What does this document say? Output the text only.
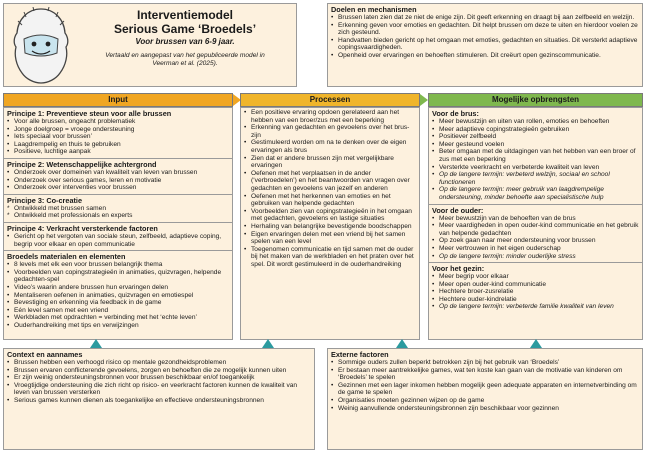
Interventiemodel
Serious Game ‘Broedels’
Voor brussen van 6-9 jaar.
Vertaald en aangepast van het gepubliceerde model in
Veerman et al. (2025).
Doelen en mechanismen
• Brussen laten zien dat ze niet de enige zijn. Dit geeft erkenning en draagt bij aan zelfbeeld en welzijn.
• Erkenning geven voor emoties en gedachten. Dit helpt brussen om deze te uiten en hierdoor voelen ze zich gesteund.
• Handvatten bieden gericht op het omgaan met emoties, gedachten en situaties. Dit versterkt adaptieve copingsvaardigheden.
• Openheid over ervaringen en behoeften stimuleren. Dit creëurt open gezinscommunicatie.
Input	Processen	Mogelijke opbrengsten
Principe 1: Preventieve steun voor alle brussen
• Voor alle brussen, ongeacht problematiek
• Jonge doelgroep = vroege ondersteuning
• Iets speciaal voor brussen’
• Laagdrempelig en thuis te gebruiken
• Positieve, luchtige aanpak
Principe 2: Wetenschappelijke achtergrond
• Onderzoek over domeinen van kwaliteit van leven van brussen
• Onderzoek over serious games, leren en motivatie
• Onderzoek over interventies voor brussen
Principe 3: Co-creatie
* Ontwikkeld met brussen samen
* Ontwikkeld met professionals en experts
Principe 4: Verkracht versterkende factoren
• Gericht op het vergoten van sociale steun, zelfbeeld, adaptieve coping, begrip voor elkaar en open communicatie
Broedels materialen en elementen
• 8 levels met elk een voor brussen belangrijk thema
• Voorbeelden van copingstrategieën in animaties, quizvragen, helpende gedachten-spel
• Video’s waarin andere brussen hun ervaringen delen
• Mentaliseren oefenen in animaties, quizvragen en emotiespel
• Bevestiging en erkenning via feedback in de game
• Eén level samen met een vriend
• Werkbladen met opdrachten = verbinding met het ‘echte leven’
• Ouderhandreiking met tips en verwijzingen
• Een positieve ervaring opdoen gerelateerd aan het hebben van een broer/zus met een beperking
• Erkenning van gedachten en gevoelens over het brus-zijn
• Gestimuleerd worden om na te denken over de eigen ervaringen als brus
• Zien dat er andere brussen zijn met vergelijkbare ervaringen
• Oefenen met het verplaatsen in de ander (‘verbroedelen’) en het beantwoorden van vragen over gedachten en gevoelens van jezelf en anderen
• Oefenen met het herkennen van emoties en het gebruiken van helpende gedachten
• Voorbeelden zien van copingstrategieën in het omgaan met gedachten, gevoelens en lastige situaties
• Herhaling van belangrijke bevestigende boodschappen
• Eigen ervaringen delen met een vriend bij het samen spelen van een level
• Toegenomen communicatie en tijd samen met de ouder bij het maken van de werkbladen en het praten over het spel. Dit wordt gestimuleerd in de ouderhandreiking
Voor de brus:
• Meer bewustzijn en uiten van rollen, emoties en behoeften
• Meer adaptieve copingstrategieën gebruiken
• Positiever zelfbeeld
• Meer gesteund voelen
• Beter omgaan met de uitdagingen van het hebben van een broer of zus met een beperking
• Versterkte veerkracht en verbeterde kwaliteit van leven
• Op de langere termijn: verbeterd welzijn, sociaal en school functioneren
• Op de langere termijn: meer gebruik van laagdrempelige ondersteuning, minder behoefte aan specialistische hulp
Voor de ouder:
• Meer bewustzijn van de behoeften van de brus
• Meer vaardigheden in open ouder-kind communicatie en het gebruik van helpende gedachten
• Op zoek gaan naar meer ondersteuning voor brussen
• Meer vertrouwen in het eigen ouderschap
• Op de langere termijn: minder ouderlijke stress
Voor het gezin:
• Meer begrip voor elkaar
• Meer open ouder-kind communicatie
• Hechtere broer-zusrelatie
• Hechtere ouder-kindrelatie
• Op de langere termijn: verbeterde familie kwaliteit van leven
Context en aannames
• Brussen hebben een verhoogd risico op mentale gezondheidsproblemen
• Brussen ervaren conflicterende gevoelens, zorgen en behoeften die ze mogelijk kunnen uiten
• Er zijn weinig ondersteuningsbronnen voor brussen beschikbaar en/of toegankelijk
• Vroegtijdige ondersteuning die zich richt op risico- en veerkracht factoren kunnen de kwaliteit van leven van brussen versterken
• Serious games kunnen dienen als toegankelijke en effectieve ondersteuningsbronnen
Externe factoren
• Sommige ouders zullen beperkt betrokken zijn bij het gebruik van ‘Broedels’
• Er bestaan meer aantrekkelijke games, wat ten koste kan gaan van de motivatie van kinderen om ‘Broedels’ te spelen
• Gezinnen met een lager inkomen hebben mogelijk geen adequate apparaten en internetverbinding om de game te spelen
• Organisaties moeten gezinnen wijzen op de game
• Weinig aanvullende ondersteuningsbronnen zijn beschikbaar voor gezinnen
